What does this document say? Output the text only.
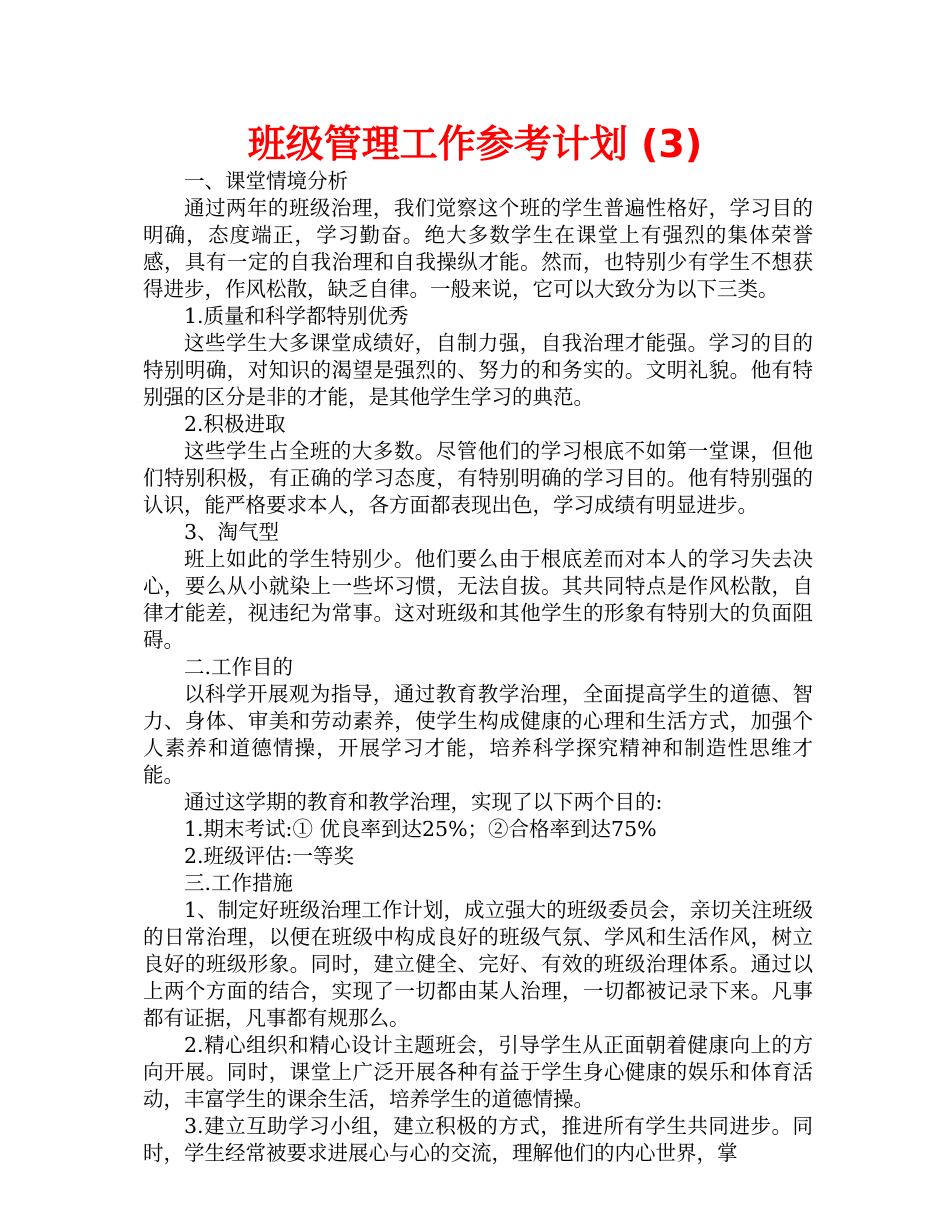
班级管理工作参考计划 (3)

一、课堂情境分析

通过两年的班级治理，我们觉察这个班的学生普遍性格好，学习目的明确，态度端正，学习勤奋。绝大多数学生在课堂上有强烈的集体荣誉感，具有一定的自我治理和自我操纵才能。然而，也特别少有学生不想获得进步，作风松散，缺乏自律。一般来说，它可以大致分为以下三类。

1.质量和科学都特别优秀

这些学生大多课堂成绩好，自制力强，自我治理才能强。学习的目的特别明确，对知识的渴望是强烈的、努力的和务实的。文明礼貌。他有特别强的区分是非的才能，是其他学生学习的典范。

2.积极进取

这些学生占全班的大多数。尽管他们的学习根底不如第一堂课，但他们特别积极，有正确的学习态度，有特别明确的学习目的。他有特别强的认识，能严格要求本人，各方面都表现出色，学习成绩有明显进步。

3、淘气型

班上如此的学生特别少。他们要么由于根底差而对本人的学习失去决心，要么从小就染上一些坏习惯，无法自拔。其共同特点是作风松散，自律才能差，视违纪为常事。这对班级和其他学生的形象有特别大的负面阻碍。

二.工作目的

以科学开展观为指导，通过教育教学治理，全面提高学生的道德、智力、身体、审美和劳动素养，使学生构成健康的心理和生活方式，加强个人素养和道德情操，开展学习才能，培养科学探究精神和制造性思维才能。

通过这学期的教育和教学治理，实现了以下两个目的:

1.期末考试:① 优良率到达25%；②合格率到达75%

2.班级评估:一等奖

三.工作措施

1、制定好班级治理工作计划，成立强大的班级委员会，亲切关注班级的日常治理，以便在班级中构成良好的班级气氛、学风和生活作风，树立良好的班级形象。同时，建立健全、完好、有效的班级治理体系。通过以上两个方面的结合，实现了一切都由某人治理，一切都被记录下来。凡事都有证据，凡事都有规那么。

2.精心组织和精心设计主题班会，引导学生从正面朝着健康向上的方向开展。同时，课堂上广泛开展各种有益于学生身心健康的娱乐和体育活动，丰富学生的课余生活，培养学生的道德情操。

3.建立互助学习小组，建立积极的方式，推进所有学生共同进步。同时，学生经常被要求进展心与心的交流，理解他们的内心世界，掌
